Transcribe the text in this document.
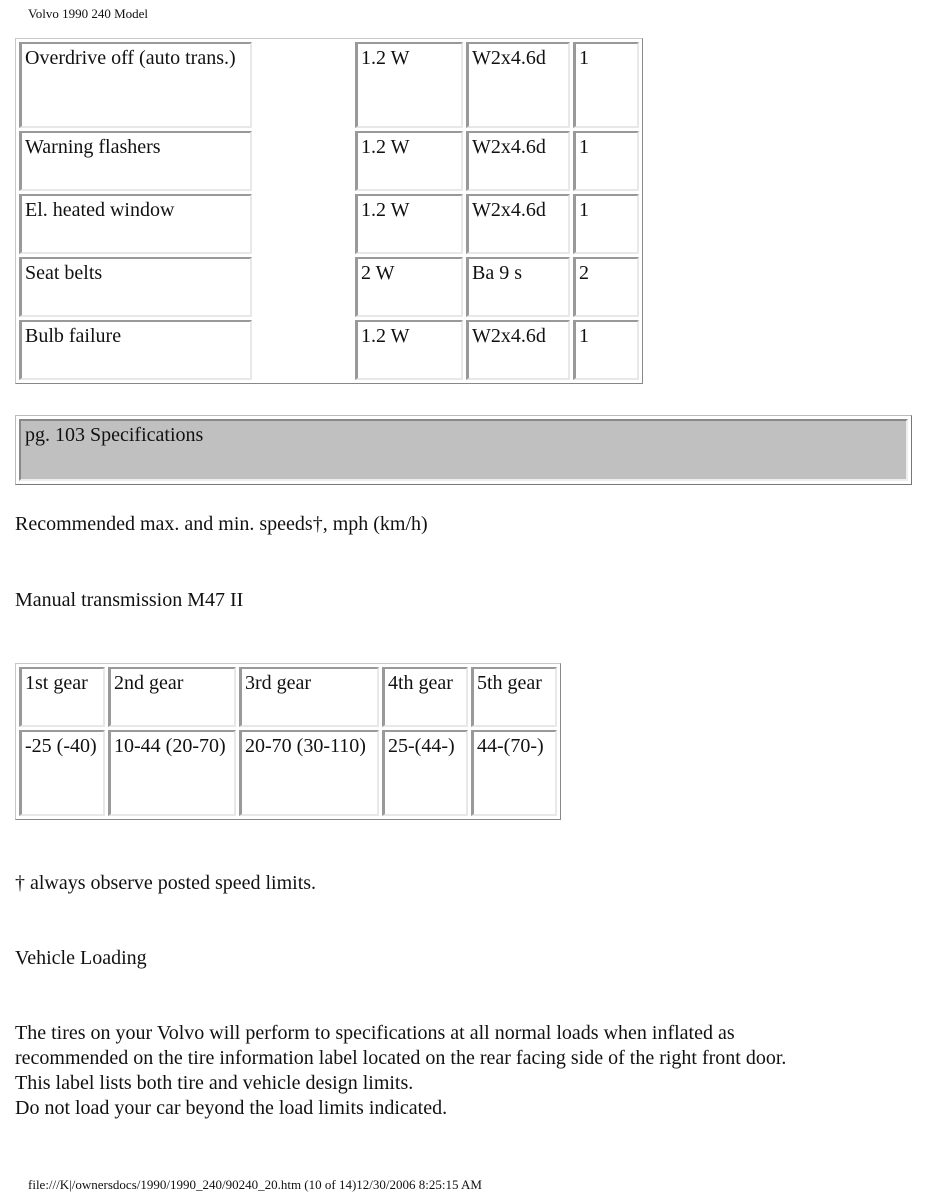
Volvo 1990 240 Model
Overdrive off (auto trans.)		1.2 W	W2x4.6d	1
Warning flashers		1.2 W	W2x4.6d	1
El. heated window		1.2 W	W2x4.6d	1
Seat belts		2 W	Ba 9 s	2
Bulb failure		1.2 W	W2x4.6d	1
pg. 103 Specifications

Recommended max. and min. speeds†, mph (km/h)

Manual transmission M47 II

1st gear	2nd gear	3rd gear	4th gear	5th gear
-25 (-40)	10-44 (20-70)	20-70 (30-110)	25-(44-)	44-(70-)

† always observe posted speed limits.

Vehicle Loading

The tires on your Volvo will perform to specifications at all normal loads when inflated as
recommended on the tire information label located on the rear facing side of the right front door.
This label lists both tire and vehicle design limits.
Do not load your car beyond the load limits indicated.
file:///K|/ownersdocs/1990/1990_240/90240_20.htm (10 of 14)12/30/2006 8:25:15 AM
